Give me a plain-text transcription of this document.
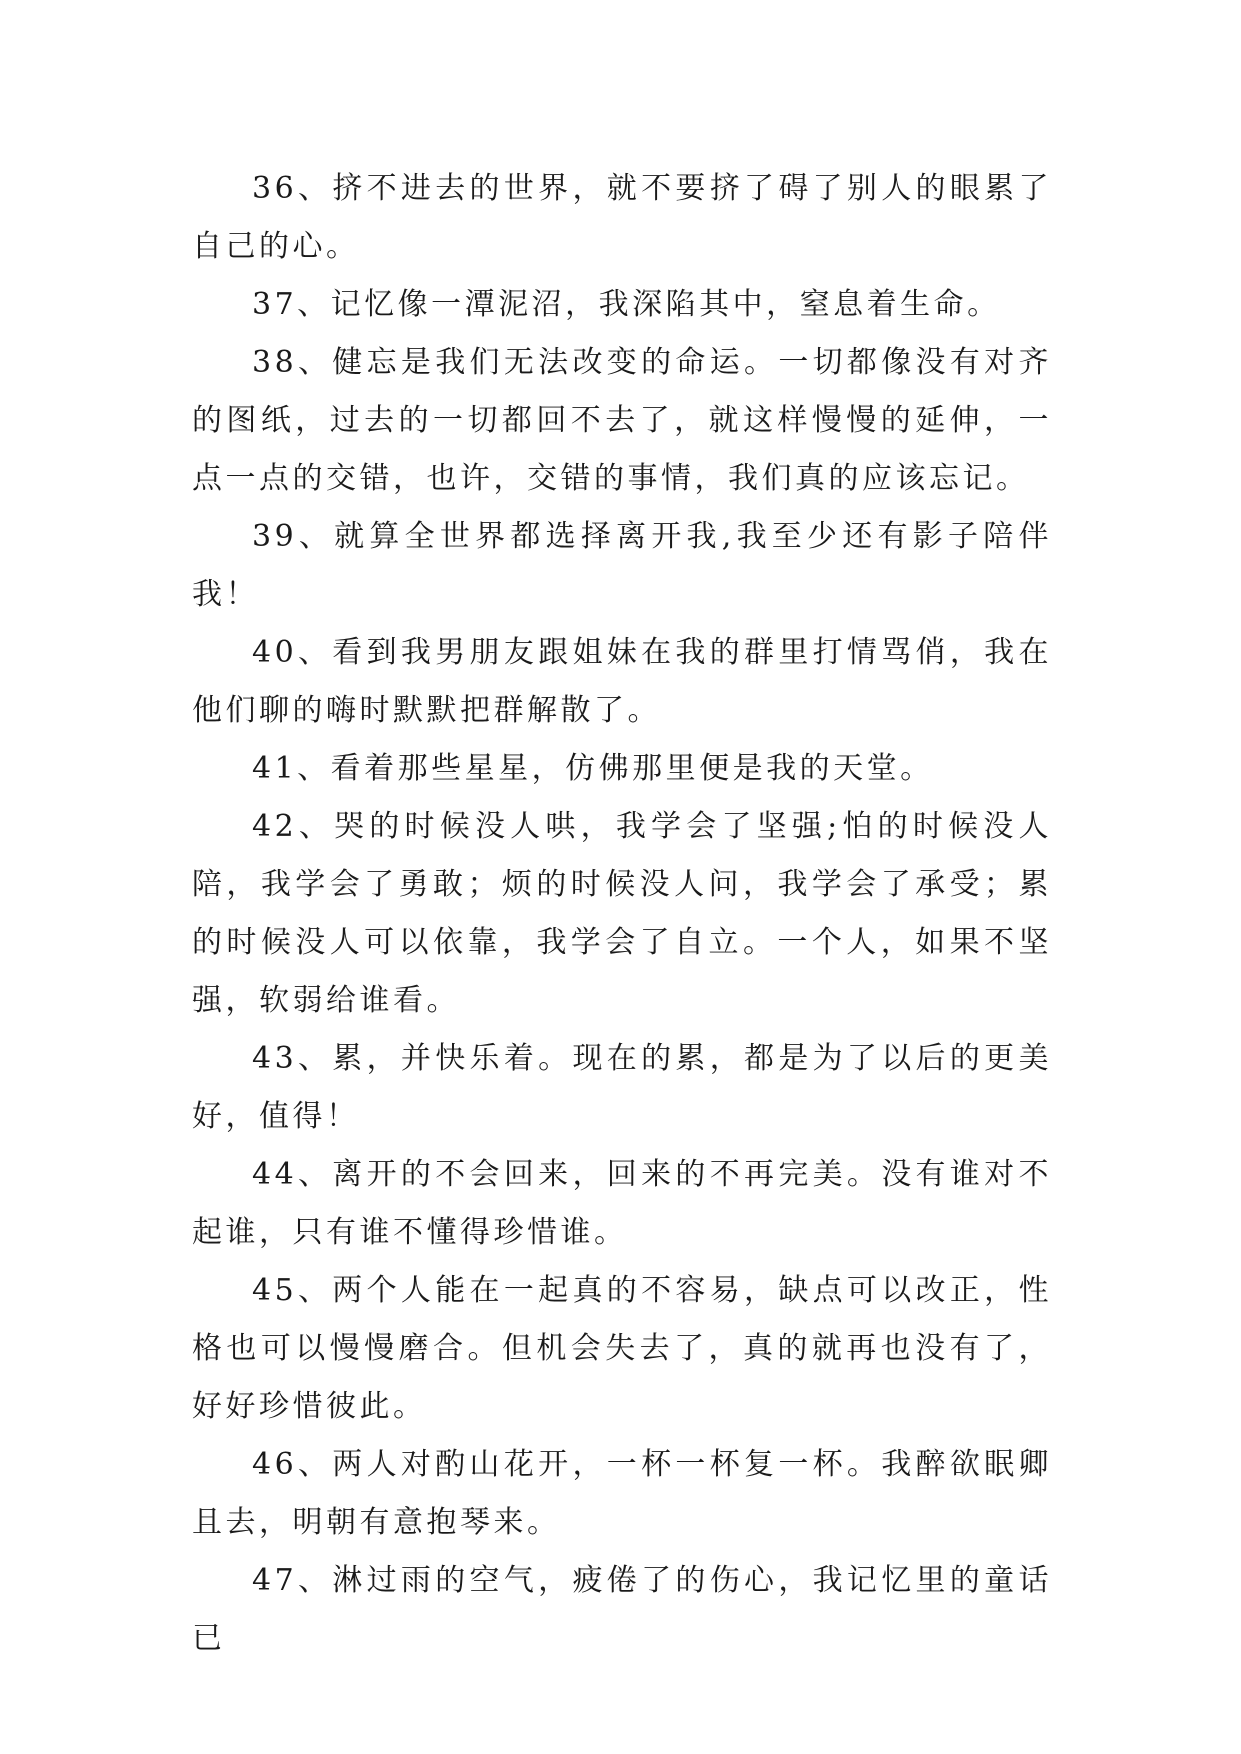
36、挤不进去的世界，就不要挤了碍了别人的眼累了自己的心。

37、记忆像一潭泥沼，我深陷其中，窒息着生命。

38、健忘是我们无法改变的命运。一切都像没有对齐的图纸，过去的一切都回不去了，就这样慢慢的延伸，一点一点的交错，也许，交错的事情，我们真的应该忘记。

39、就算全世界都选择离开我,我至少还有影子陪伴我！

40、看到我男朋友跟姐妹在我的群里打情骂俏，我在他们聊的嗨时默默把群解散了。

41、看着那些星星，仿佛那里便是我的天堂。

42、哭的时候没人哄，我学会了坚强;怕的时候没人陪，我学会了勇敢；烦的时候没人问，我学会了承受；累的时候没人可以依靠，我学会了自立。一个人，如果不坚强，软弱给谁看。

43、累，并快乐着。现在的累，都是为了以后的更美好，值得！

44、离开的不会回来，回来的不再完美。没有谁对不起谁，只有谁不懂得珍惜谁。

45、两个人能在一起真的不容易，缺点可以改正，性格也可以慢慢磨合。但机会失去了，真的就再也没有了，好好珍惜彼此。

46、两人对酌山花开，一杯一杯复一杯。我醉欲眠卿且去，明朝有意抱琴来。

47、淋过雨的空气，疲倦了的伤心，我记忆里的童话已
